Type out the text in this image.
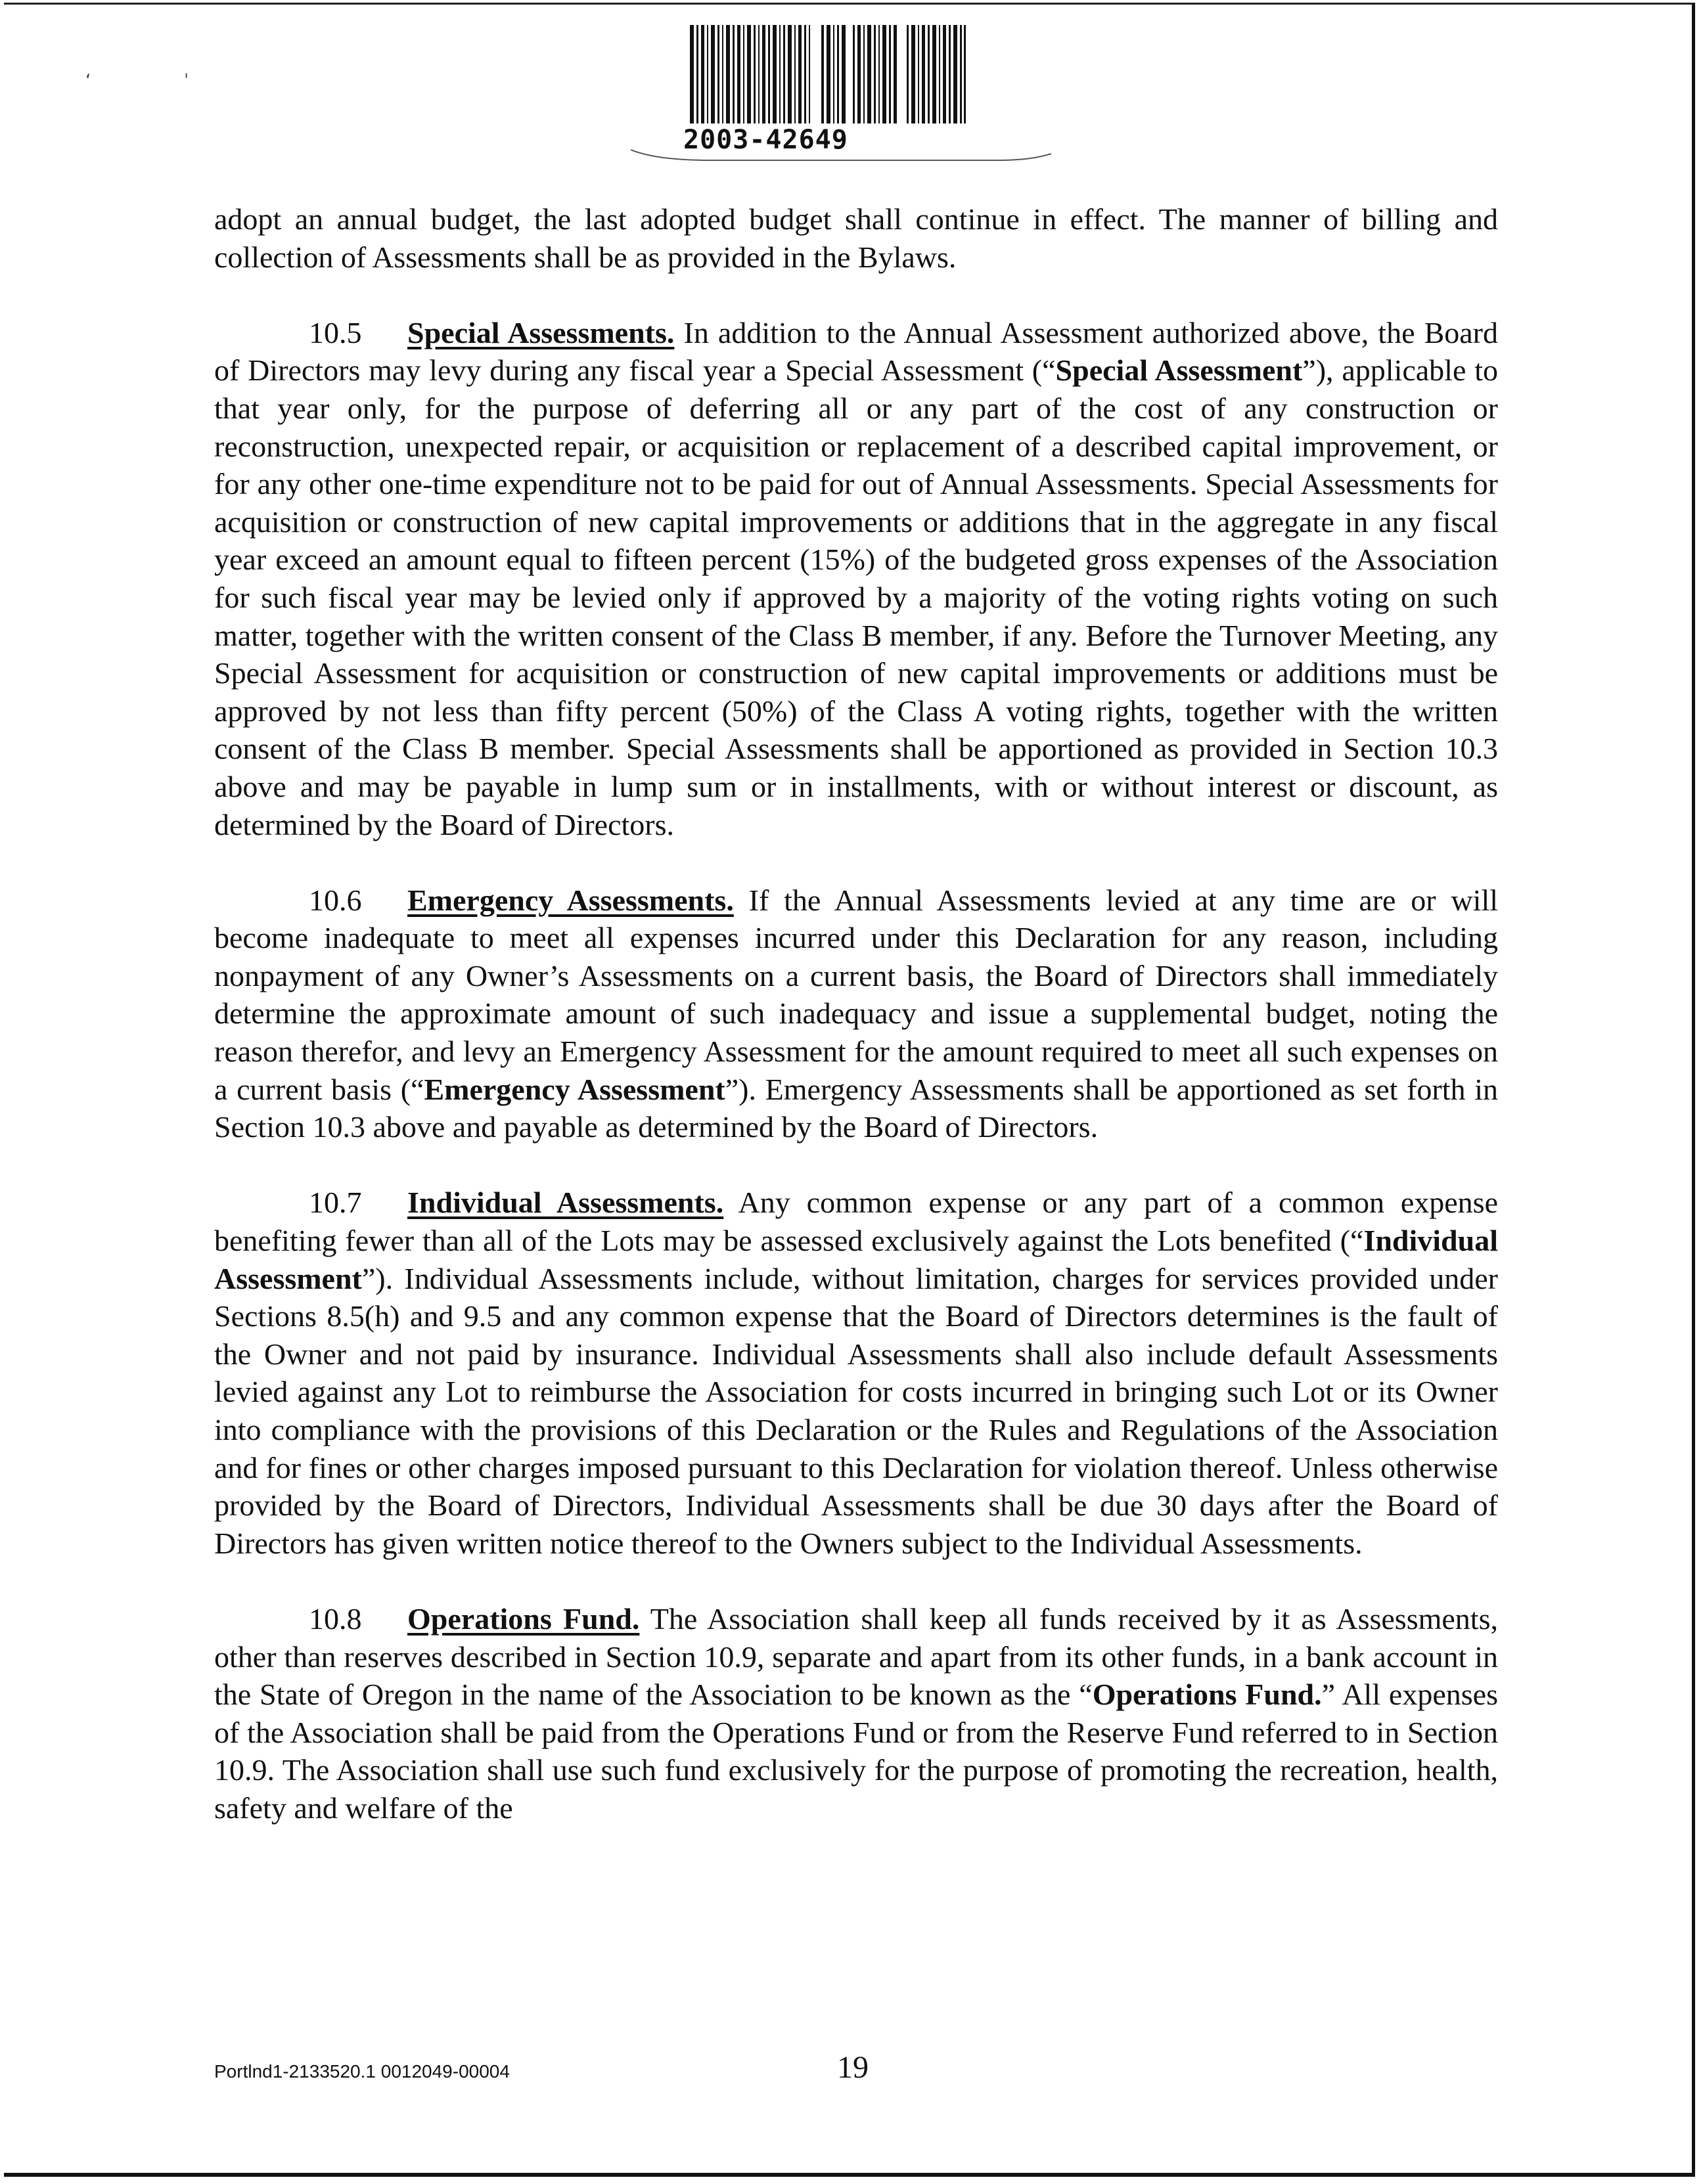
ʻ	ˈ
2003-42649

adopt an annual budget, the last adopted budget shall continue in effect. The manner of billing and collection of Assessments shall be as provided in the Bylaws.

10.5 Special Assessments. In addition to the Annual Assessment authorized above, the Board of Directors may levy during any fiscal year a Special Assessment (“Special Assessment”), applicable to that year only, for the purpose of deferring all or any part of the cost of any construction or reconstruction, unexpected repair, or acquisition or replacement of a described capital improvement, or for any other one-time expenditure not to be paid for out of Annual Assessments. Special Assessments for acquisition or construction of new capital improvements or additions that in the aggregate in any fiscal year exceed an amount equal to fifteen percent (15%) of the budgeted gross expenses of the Association for such fiscal year may be levied only if approved by a majority of the voting rights voting on such matter, together with the written consent of the Class B member, if any. Before the Turnover Meeting, any Special Assessment for acquisition or construction of new capital improvements or additions must be approved by not less than fifty percent (50%) of the Class A voting rights, together with the written consent of the Class B member. Special Assessments shall be apportioned as provided in Section 10.3 above and may be payable in lump sum or in installments, with or without interest or discount, as determined by the Board of Directors.

10.6 Emergency Assessments. If the Annual Assessments levied at any time are or will become inadequate to meet all expenses incurred under this Declaration for any reason, including nonpayment of any Owner’s Assessments on a current basis, the Board of Directors shall immediately determine the approximate amount of such inadequacy and issue a supplemental budget, noting the reason therefor, and levy an Emergency Assessment for the amount required to meet all such expenses on a current basis (“Emergency Assessment”). Emergency Assessments shall be apportioned as set forth in Section 10.3 above and payable as determined by the Board of Directors.

10.7 Individual Assessments. Any common expense or any part of a common expense benefiting fewer than all of the Lots may be assessed exclusively against the Lots benefited (“Individual Assessment”). Individual Assessments include, without limitation, charges for services provided under Sections 8.5(h) and 9.5 and any common expense that the Board of Directors determines is the fault of the Owner and not paid by insurance. Individual Assessments shall also include default Assessments levied against any Lot to reimburse the Association for costs incurred in bringing such Lot or its Owner into compliance with the provisions of this Declaration or the Rules and Regulations of the Association and for fines or other charges imposed pursuant to this Declaration for violation thereof. Unless otherwise provided by the Board of Directors, Individual Assessments shall be due 30 days after the Board of Directors has given written notice thereof to the Owners subject to the Individual Assessments.

10.8 Operations Fund. The Association shall keep all funds received by it as Assessments, other than reserves described in Section 10.9, separate and apart from its other funds, in a bank account in the State of Oregon in the name of the Association to be known as the “Operations Fund.” All expenses of the Association shall be paid from the Operations Fund or from the Reserve Fund referred to in Section 10.9. The Association shall use such fund exclusively for the purpose of promoting the recreation, health, safety and welfare of the

Portlnd1-2133520.1 0012049-00004	19
